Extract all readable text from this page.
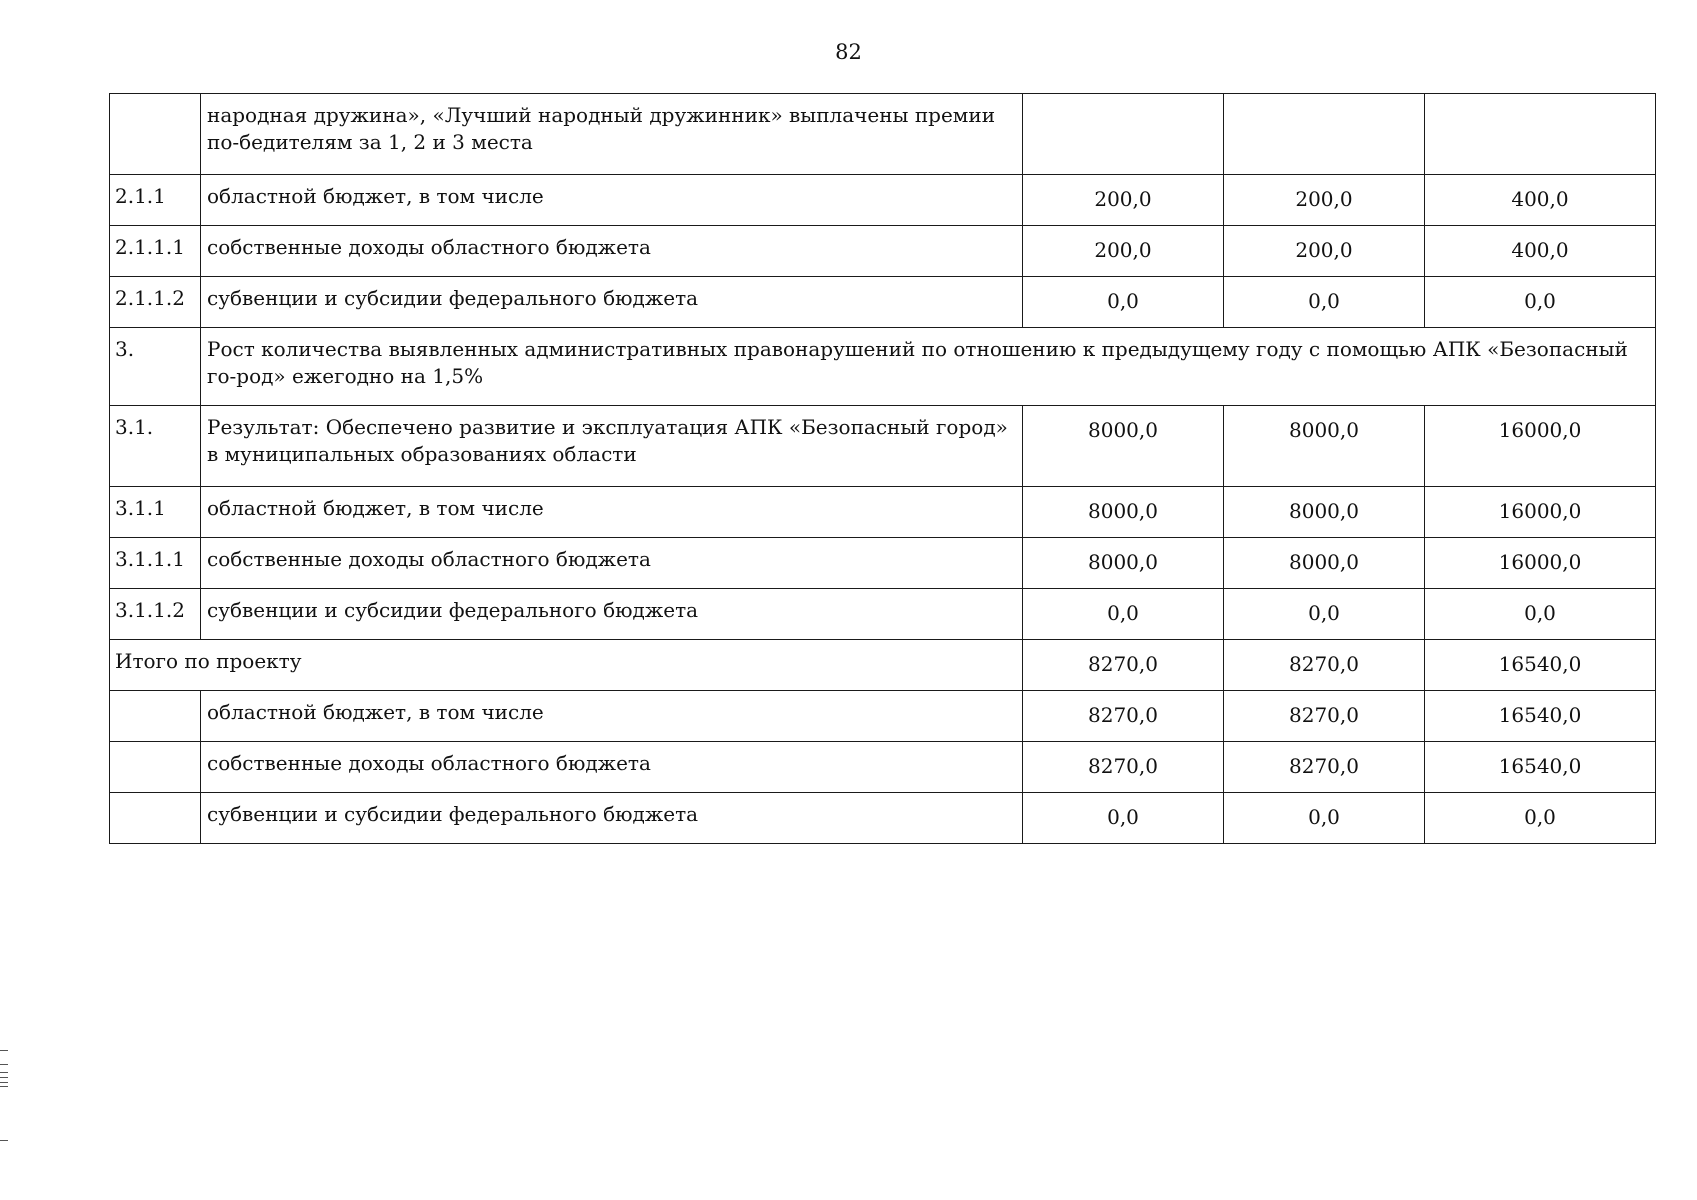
82
	народная дружина», «Лучший народный дружинник» выплачены премии по-бедителям за 1, 2 и 3 места			
2.1.1	областной бюджет, в том числе	200,0	200,0	400,0
2.1.1.1	собственные доходы областного бюджета	200,0	200,0	400,0
2.1.1.2	субвенции и субсидии федерального бюджета	0,0	0,0	0,0
3.	Рост количества выявленных административных правонарушений по отношению к предыдущему году с помощью АПК «Безопасный го-род» ежегодно на 1,5%			
3.1.	Результат: Обеспечено развитие и эксплуатация АПК «Безопасный город» в муниципальных образованиях области	8000,0	8000,0	16000,0
3.1.1	областной бюджет, в том числе	8000,0	8000,0	16000,0
3.1.1.1	собственные доходы областного бюджета	8000,0	8000,0	16000,0
3.1.1.2	субвенции и субсидии федерального бюджета	0,0	0,0	0,0
Итого по проекту		8270,0	8270,0	16540,0
	областной бюджет, в том числе	8270,0	8270,0	16540,0
	собственные доходы областного бюджета	8270,0	8270,0	16540,0
	субвенции и субсидии федерального бюджета	0,0	0,0	0,0
